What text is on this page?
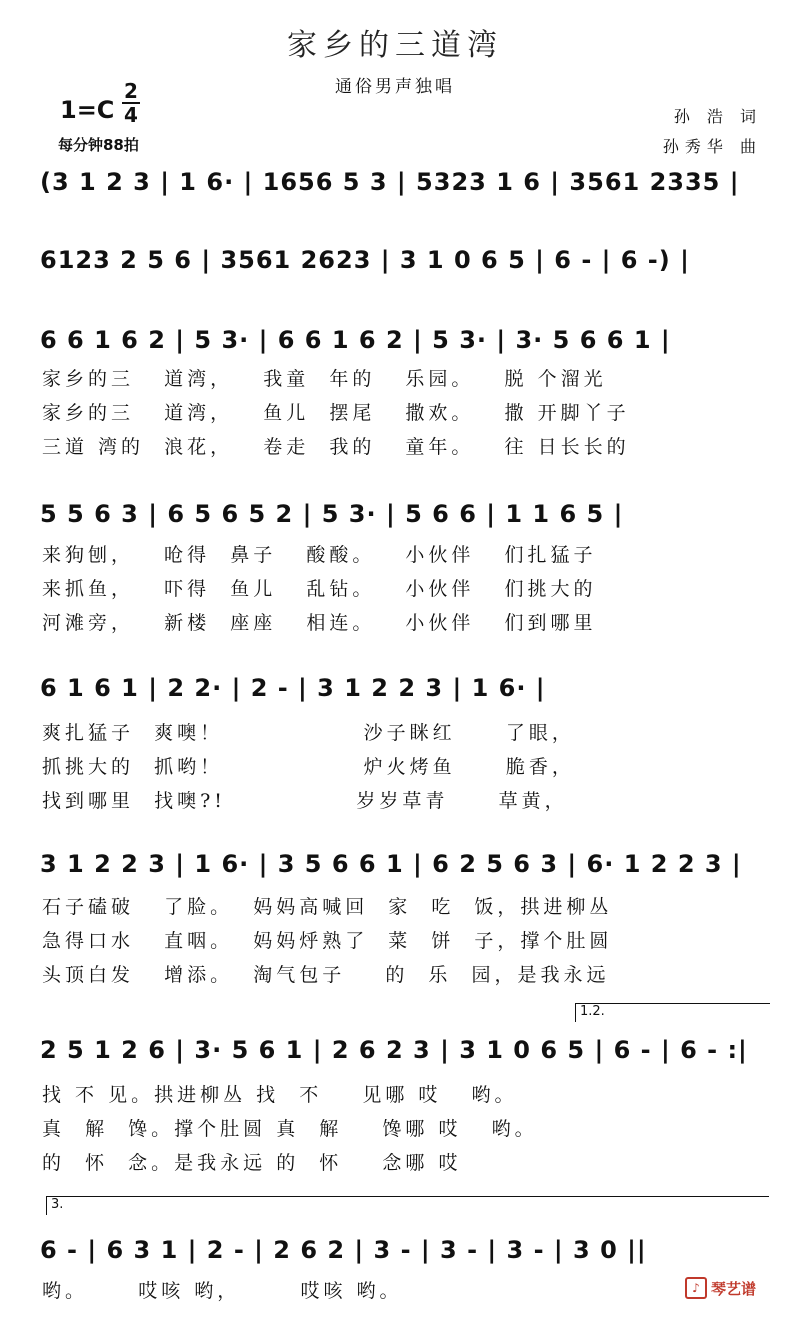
家乡的三道湾
通俗男声独唱
1=C
2
4
每分钟88拍
孙 浩 词
孙秀华 曲
(3 1 2 3 | 1 6· | 1656 5 3 | 5323 1 6 | 3561 2335 |
6123 2 5 6 | 3561 2623 | 3 1 0 6 5 | 6 - | 6 -) |
6 6 1 6 2 | 5 3· | 6 6 1 6 2 | 5 3· | 3· 5 6 6 1 |
家乡的三   道湾，   我童  年的   乐园。   脱 个溜光
家乡的三   道湾，   鱼儿  摆尾   撒欢。   撒 开脚丫子
三道 湾的  浪花，   卷走  我的   童年。   往 日长长的
5 5 6 3 | 6 5 6 5 2 | 5 3· | 5 6 6 | 1 1 6 5 |
来狗刨，   呛得  鼻子   酸酸。   小伙伴   们扎猛子
来抓鱼，   吓得  鱼儿   乱钻。   小伙伴   们挑大的
河滩旁，   新楼  座座   相连。   小伙伴   们到哪里
6 1 6 1 | 2 2· | 2 - | 3 1 2 2 3 | 1 6· |
爽扎猛子  爽噢！              沙子眯红     了眼，
抓挑大的  抓哟！              炉火烤鱼     脆香，
找到哪里  找噢?!             岁岁草青     草黄，
3 1 2 2 3 | 1 6· | 3 5 6 6 1 | 6 2 5 6 3 | 6· 1 2 2 3 |
石子磕破   了脸。  妈妈高喊回  家  吃  饭，拱进柳丛
急得口水   直咽。  妈妈烀熟了  菜  饼  子，撑个肚圆
头顶白发   增添。  淘气包子    的  乐  园，是我永远
1.2.
2 5 1 2 6 | 3· 5 6 1 | 2 6 2 3 | 3 1 0 6 5 | 6 - | 6 - :|
找 不 见。拱进柳丛 找  不    见哪 哎   哟。
真  解  馋。撑个肚圆 真  解    馋哪 哎   哟。
的  怀  念。是我永远 的  怀    念哪 哎
3.
6 - | 6 3 1 | 2 - | 2 6 2 | 3 - | 3 - | 3 - | 3 0 ||
哟。     哎咳 哟，      哎咳 哟。	♪ 琴艺谱
